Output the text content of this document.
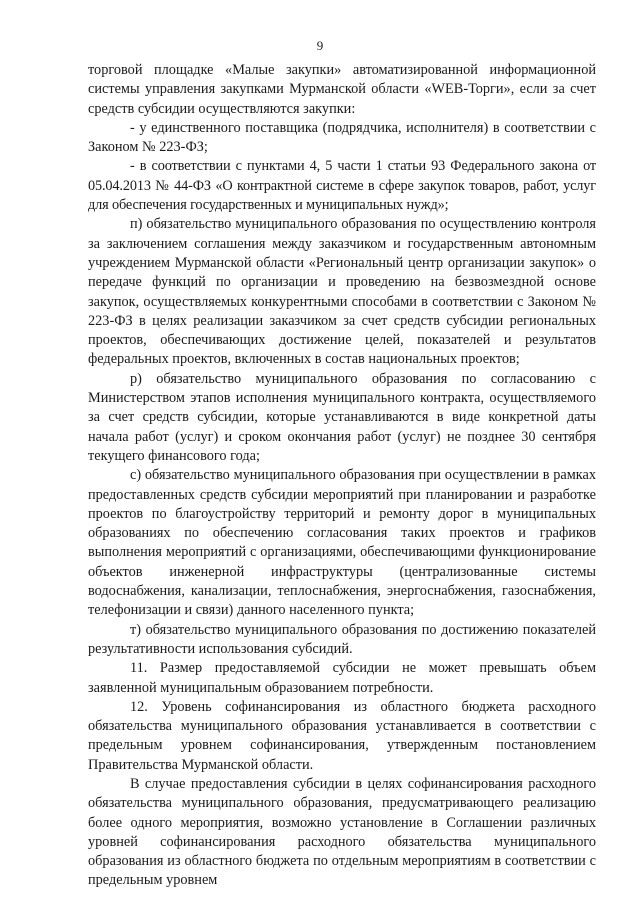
9

торговой площадке «Малые закупки» автоматизированной информационной системы управления закупками Мурманской области «WEB-Торги», если за счет средств субсидии осуществляются закупки:

- у единственного поставщика (подрядчика, исполнителя) в соответствии с Законом № 223-ФЗ;

- в соответствии с пунктами 4, 5 части 1 статьи 93 Федерального закона от 05.04.2013 № 44-ФЗ «О контрактной системе в сфере закупок товаров, работ, услуг для обеспечения государственных и муниципальных нужд»;

п) обязательство муниципального образования по осуществлению контроля за заключением соглашения между заказчиком и государственным автономным учреждением Мурманской области «Региональный центр организации закупок» о передаче функций по организации и проведению на безвозмездной основе закупок, осуществляемых конкурентными способами в соответствии с Законом № 223-ФЗ в целях реализации заказчиком за счет средств субсидии региональных проектов, обеспечивающих достижение целей, показателей и результатов федеральных проектов, включенных в состав национальных проектов;

р) обязательство муниципального образования по согласованию с Министерством этапов исполнения муниципального контракта, осуществляемого за счет средств субсидии, которые устанавливаются в виде конкретной даты начала работ (услуг) и сроком окончания работ (услуг) не позднее 30 сентября текущего финансового года;

с) обязательство муниципального образования при осуществлении в рамках предоставленных средств субсидии мероприятий при планировании и разработке проектов по благоустройству территорий и ремонту дорог в муниципальных образованиях по обеспечению согласования таких проектов и графиков выполнения мероприятий с организациями, обеспечивающими функционирование объектов инженерной инфраструктуры (централизованные системы водоснабжения, канализации, теплоснабжения, энергоснабжения, газоснабжения, телефонизации и связи) данного населенного пункта;

т) обязательство муниципального образования по достижению показателей результативности использования субсидий.

11. Размер предоставляемой субсидии не может превышать объем заявленной муниципальным образованием потребности.

12. Уровень софинансирования из областного бюджета расходного обязательства муниципального образования устанавливается в соответствии с предельным уровнем софинансирования, утвержденным постановлением Правительства Мурманской области.

В случае предоставления субсидии в целях софинансирования расходного обязательства муниципального образования, предусматривающего реализацию более одного мероприятия, возможно установление в Соглашении различных уровней софинансирования расходного обязательства муниципального образования из областного бюджета по отдельным мероприятиям в соответствии с предельным уровнем
